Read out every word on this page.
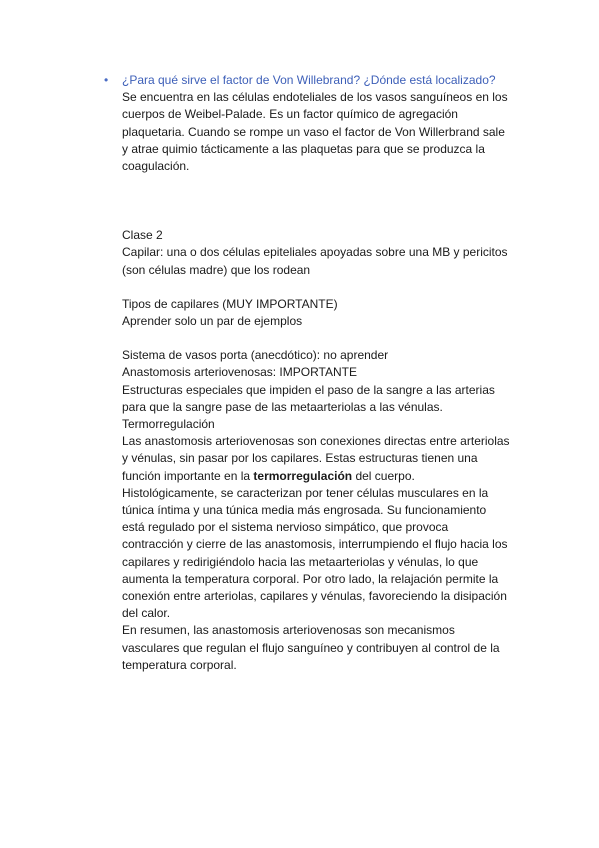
• ¿Para qué sirve el factor de Von Willebrand? ¿Dónde está localizado?
Se encuentra en las células endoteliales de los vasos sanguíneos en los
cuerpos de Weibel-Palade. Es un factor químico de agregación
plaquetaria. Cuando se rompe un vaso el factor de Von Willerbrand sale
y atrae quimio tácticamente a las plaquetas para que se produzca la
coagulación.
Clase 2
Capilar: una o dos células epiteliales apoyadas sobre una MB y pericitos
(son células madre) que los rodean
Tipos de capilares (MUY IMPORTANTE)
Aprender solo un par de ejemplos
Sistema de vasos porta (anecdótico): no aprender
Anastomosis arteriovenosas: IMPORTANTE
Estructuras especiales que impiden el paso de la sangre a las arterias
para que la sangre pase de las metaarteriolas a las vénulas.
Termorregulación
Las anastomosis arteriovenosas son conexiones directas entre arteriolas
y vénulas, sin pasar por los capilares. Estas estructuras tienen una
función importante en la termorregulación del cuerpo.
Histológicamente, se caracterizan por tener células musculares en la
túnica íntima y una túnica media más engrosada. Su funcionamiento
está regulado por el sistema nervioso simpático, que provoca
contracción y cierre de las anastomosis, interrumpiendo el flujo hacia los
capilares y redirigiéndolo hacia las metaarteriolas y vénulas, lo que
aumenta la temperatura corporal. Por otro lado, la relajación permite la
conexión entre arteriolas, capilares y vénulas, favoreciendo la disipación
del calor.
En resumen, las anastomosis arteriovenosas son mecanismos
vasculares que regulan el flujo sanguíneo y contribuyen al control de la
temperatura corporal.
